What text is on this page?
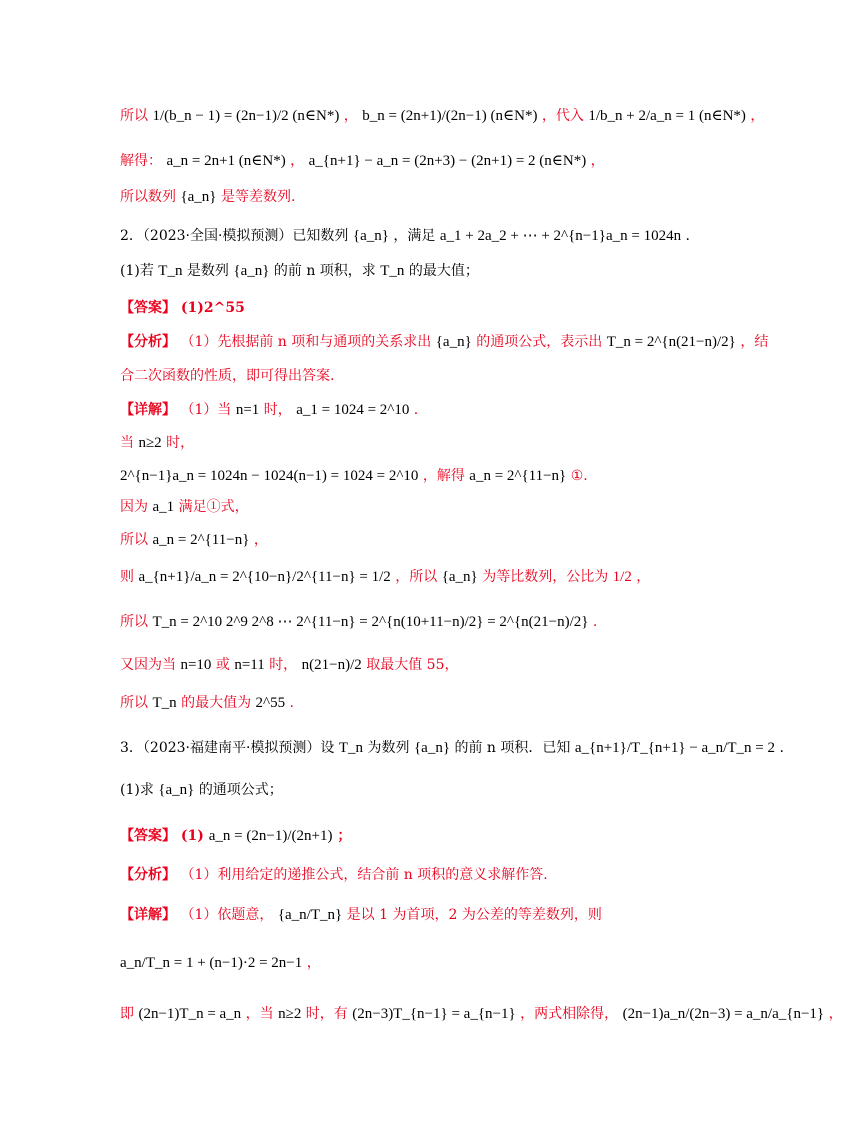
所以 1/(b_n − 1) = (2n−1)/2 (n∈N*) ， b_n = (2n+1)/(2n−1) (n∈N*) ，代入 1/b_n + 2/a_n = 1 (n∈N*) ，
解得： a_n = 2n+1 (n∈N*) ， a_{n+1} − a_n = (2n+3) − (2n+1) = 2 (n∈N*) ，
所以数列 {a_n} 是等差数列.
2．（2023·全国·模拟预测）已知数列 {a_n} ，满足 a_1 + 2a_2 + ⋯ + 2^{n−1}a_n = 1024n .
(1)若 T_n 是数列 {a_n} 的前 n 项积，求 T_n 的最大值；
【答案】 (1)2^55
【分析】 （1）先根据前 n 项和与通项的关系求出 {a_n} 的通项公式，表示出 T_n = 2^{n(21−n)/2} ，结
合二次函数的性质，即可得出答案.
【详解】 （1）当 n=1 时， a_1 = 1024 = 2^10 .
当 n≥2 时，
2^{n−1}a_n = 1024n − 1024(n−1) = 1024 = 2^10 ，解得 a_n = 2^{11−n} ①.
因为 a_1 满足①式，
所以 a_n = 2^{11−n} ，
则 a_{n+1}/a_n = 2^{10−n}/2^{11−n} = 1/2 ，所以 {a_n} 为等比数列，公比为 1/2 ，
所以 T_n = 2^10 2^9 2^8 ⋯ 2^{11−n} = 2^{n(10+11−n)/2} = 2^{n(21−n)/2} .
又因为当 n=10 或 n=11 时， n(21−n)/2 取最大值 55，
所以 T_n 的最大值为 2^55 .
3．（2023·福建南平·模拟预测）设 T_n 为数列 {a_n} 的前 n 项积．已知 a_{n+1}/T_{n+1} − a_n/T_n = 2 .
(1)求 {a_n} 的通项公式；
【答案】 (1) a_n = (2n−1)/(2n+1) ；
【分析】 （1）利用给定的递推公式，结合前 n 项积的意义求解作答.
【详解】 （1）依题意， {a_n/T_n} 是以 1 为首项，2 为公差的等差数列，则
a_n/T_n = 1 + (n−1)·2 = 2n−1 ，
即 (2n−1)T_n = a_n ，当 n≥2 时，有 (2n−3)T_{n−1} = a_{n−1} ，两式相除得， (2n−1)a_n/(2n−3) = a_n/a_{n−1} ，
